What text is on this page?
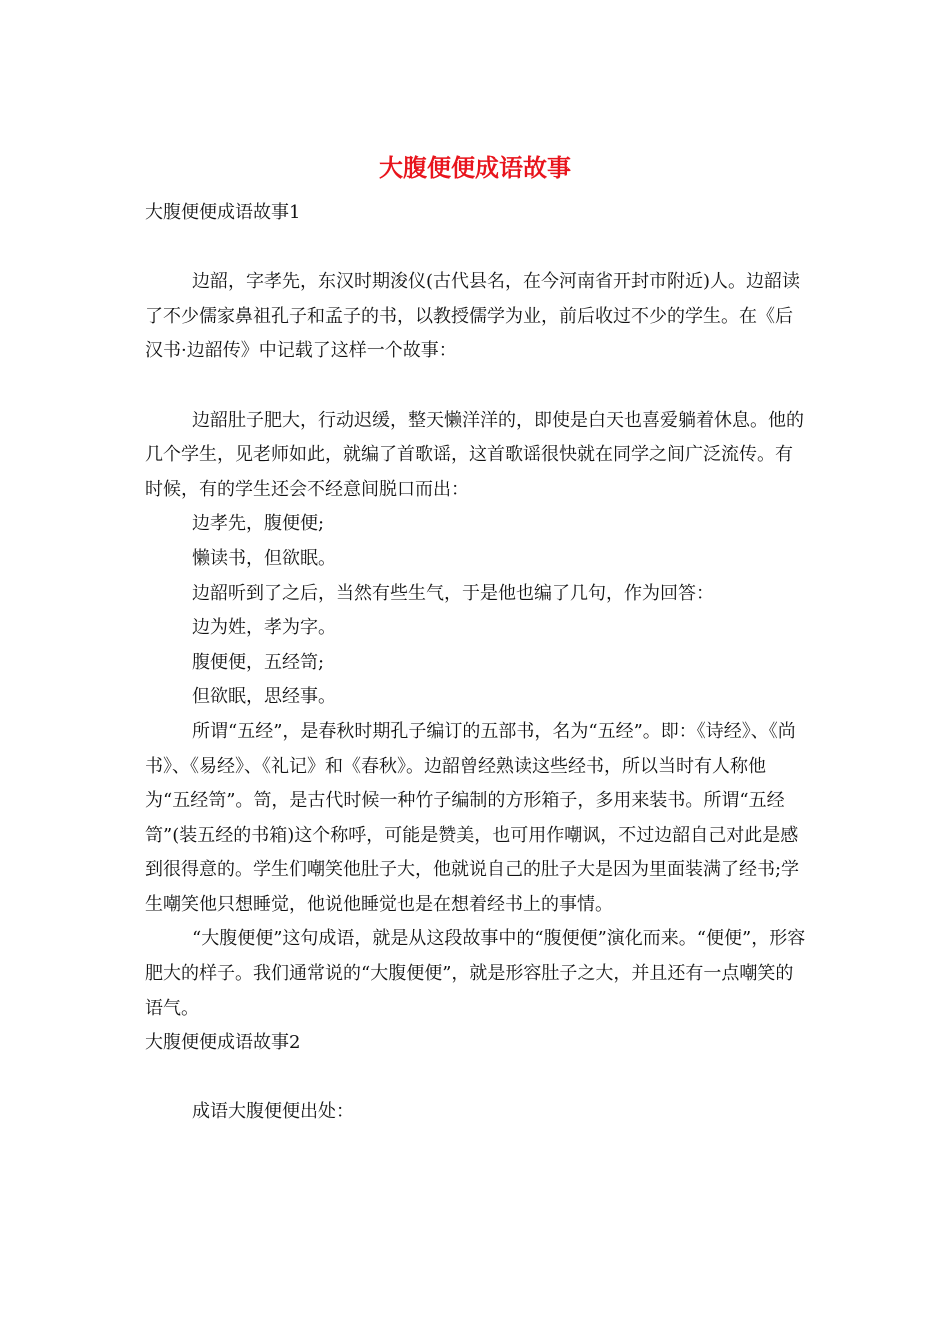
大腹便便成语故事

大腹便便成语故事1

边韶，字孝先，东汉时期浚仪(古代县名，在今河南省开封市附近)人。边韶读了不少儒家鼻祖孔子和孟子的书，以教授儒学为业，前后收过不少的学生。在《后汉书·边韶传》中记载了这样一个故事：

边韶肚子肥大，行动迟缓，整天懒洋洋的，即使是白天也喜爱躺着休息。他的几个学生，见老师如此，就编了首歌谣，这首歌谣很快就在同学之间广泛流传。有时候，有的学生还会不经意间脱口而出：

边孝先，腹便便;

懒读书，但欲眠。

边韶听到了之后，当然有些生气，于是他也编了几句，作为回答：

边为姓，孝为字。

腹便便，五经笥;

但欲眠，思经事。

所谓“五经”，是春秋时期孔子编订的五部书，名为“五经”。即：《诗经》、《尚书》、《易经》、《礼记》和《春秋》。边韶曾经熟读这些经书，所以当时有人称他为“五经笥”。笥，是古代时候一种竹子编制的方形箱子，多用来装书。所谓“五经笥”(装五经的书箱)这个称呼，可能是赞美，也可用作嘲讽，不过边韶自己对此是感到很得意的。学生们嘲笑他肚子大，他就说自己的肚子大是因为里面装满了经书;学生嘲笑他只想睡觉，他说他睡觉也是在想着经书上的事情。

“大腹便便”这句成语，就是从这段故事中的“腹便便”演化而来。“便便”，形容肥大的样子。我们通常说的“大腹便便”，就是形容肚子之大，并且还有一点嘲笑的语气。

大腹便便成语故事2

成语大腹便便出处：
